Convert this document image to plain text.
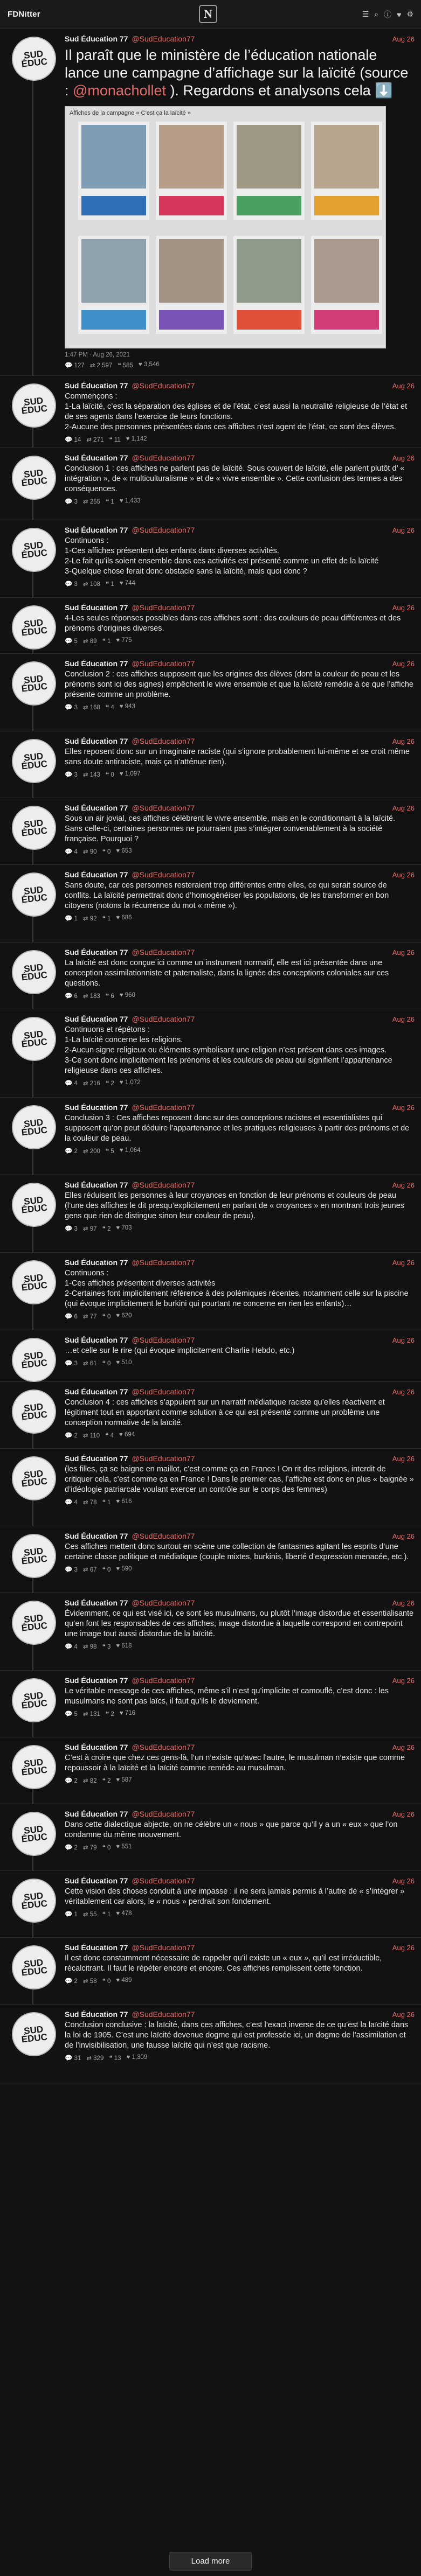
FDNitter	N	☰ ⌕ ⓘ ♥ ⚙
SUD ÉDUC
Sud Éducation 77 @SudEducation77	Aug 26
Il paraît que le ministère de l’éducation nationale lance une campagne d’affichage sur la laïcité (source : @monachollet ). Regardons et analysons cela ⬇️
Affiches de la campagne « C’est ça la laïcité »
1:47 PM · Aug 26, 2021
💬 127 ⇄ 2,597 ❝ 585 ♥ 3,546
SUD ÉDUC
Sud Éducation 77 @SudEducation77	Aug 26
Commençons :
1-La laïcité, c’est la séparation des églises et de l’état, c’est aussi la neutralité religieuse de l’état et de ses agents dans l’exercice de leurs fonctions.
2-Aucune des personnes présentées dans ces affiches n’est agent de l’état, ce sont des élèves.
💬 14 ⇄ 271 ❝ 11 ♥ 1,142
SUD ÉDUC
Sud Éducation 77 @SudEducation77	Aug 26
Conclusion 1 : ces affiches ne parlent pas de laïcité. Sous couvert de laïcité, elle parlent plutôt d’ « intégration », de « multiculturalisme » et de « vivre ensemble ». Cette confusion des termes a des conséquences.
💬 3 ⇄ 255 ❝ 1 ♥ 1,433
SUD ÉDUC
Sud Éducation 77 @SudEducation77	Aug 26
Continuons :
1-Ces affiches présentent des enfants dans diverses activités.
2-Le fait qu’ils soient ensemble dans ces activités est présenté comme un effet de la laïcité
3-Quelque chose ferait donc obstacle sans la laïcité, mais quoi donc ?
💬 3 ⇄ 108 ❝ 1 ♥ 744
SUD ÉDUC
Sud Éducation 77 @SudEducation77	Aug 26
4-Les seules réponses possibles dans ces affiches sont : des couleurs de peau différentes et des prénoms d’origines diverses.
💬 5 ⇄ 89 ❝ 1 ♥ 775
SUD ÉDUC
Sud Éducation 77 @SudEducation77	Aug 26
Conclusion 2 : ces affiches supposent que les origines des élèves (dont la couleur de peau et les prénoms sont ici des signes) empêchent le vivre ensemble et que la laïcité remédie à ce que l’affiche présente comme un problème.
💬 3 ⇄ 168 ❝ 4 ♥ 943
SUD ÉDUC
Sud Éducation 77 @SudEducation77	Aug 26
Elles reposent donc sur un imaginaire raciste (qui s’ignore probablement lui-même et se croit même sans doute antiraciste, mais ça n’atténue rien).
💬 3 ⇄ 143 ❝ 0 ♥ 1,097
SUD ÉDUC
Sud Éducation 77 @SudEducation77	Aug 26
Sous un air jovial, ces affiches célèbrent le vivre ensemble, mais en le conditionnant à la laïcité. Sans celle-ci, certaines personnes ne pourraient pas s’intégrer convenablement à la société française. Pourquoi ?
💬 4 ⇄ 90 ❝ 0 ♥ 653
SUD ÉDUC
Sud Éducation 77 @SudEducation77	Aug 26
Sans doute, car ces personnes resteraient trop différentes entre elles, ce qui serait source de conflits. La laïcité permettrait donc d’homogénéiser les populations, de les transformer en bon citoyens (notons la récurrence du mot « même »).
💬 1 ⇄ 92 ❝ 1 ♥ 686
SUD ÉDUC
Sud Éducation 77 @SudEducation77	Aug 26
La laïcité est donc conçue ici comme un instrument normatif, elle est ici présentée dans une conception assimilationniste et paternaliste, dans la lignée des conceptions coloniales sur ces questions.
💬 6 ⇄ 183 ❝ 6 ♥ 960
SUD ÉDUC
Sud Éducation 77 @SudEducation77	Aug 26
Continuons et répétons :
1-La laïcité concerne les religions.
2-Aucun signe religieux ou éléments symbolisant une religion n’est présent dans ces images.
3-Ce sont donc implicitement les prénoms et les couleurs de peau qui signifient l’appartenance religieuse dans ces affiches.
💬 4 ⇄ 216 ❝ 2 ♥ 1,072
SUD ÉDUC
Sud Éducation 77 @SudEducation77	Aug 26
Conclusion 3 : Ces affiches reposent donc sur des conceptions racistes et essentialistes qui supposent qu’on peut déduire l’appartenance et les pratiques religieuses à partir des prénoms et de la couleur de peau.
💬 2 ⇄ 200 ❝ 5 ♥ 1,064
SUD ÉDUC
Sud Éducation 77 @SudEducation77	Aug 26
Elles réduisent les personnes à leur croyances en fonction de leur prénoms et couleurs de peau (l’une des affiches le dit presqu’explicitement en parlant de « croyances » en montrant trois jeunes gens que rien de distingue sinon leur couleur de peau).
💬 3 ⇄ 97 ❝ 2 ♥ 703
SUD ÉDUC
Sud Éducation 77 @SudEducation77	Aug 26
Continuons :
1-Ces affiches présentent diverses activités
2-Certaines font implicitement référence à des polémiques récentes, notamment celle sur la piscine (qui évoque implicitement le burkini qui pourtant ne concerne en rien les enfants)…
💬 6 ⇄ 77 ❝ 0 ♥ 620
SUD ÉDUC
Sud Éducation 77 @SudEducation77	Aug 26
…et celle sur le rire (qui évoque implicitement Charlie Hebdo, etc.)
💬 3 ⇄ 61 ❝ 0 ♥ 510
SUD ÉDUC
Sud Éducation 77 @SudEducation77	Aug 26
Conclusion 4 : ces affiches s’appuient sur un narratif médiatique raciste qu’elles réactivent et légitiment tout en apportant comme solution à ce qui est présenté comme un problème une conception normative de la laïcité.
💬 2 ⇄ 110 ❝ 4 ♥ 694
SUD ÉDUC
Sud Éducation 77 @SudEducation77	Aug 26
(les filles, ça se baigne en maillot, c’est comme ça en France ! On rit des religions, interdit de critiquer cela, c’est comme ça en France ! Dans le premier cas, l’affiche est donc en plus « baignée » d’idéologie patriarcale voulant exercer un contrôle sur le corps des femmes)
💬 4 ⇄ 78 ❝ 1 ♥ 616
SUD ÉDUC
Sud Éducation 77 @SudEducation77	Aug 26
Ces affiches mettent donc surtout en scène une collection de fantasmes agitant les esprits d’une certaine classe politique et médiatique (couple mixtes, burkinis, liberté d’expression menacée, etc.).
💬 3 ⇄ 67 ❝ 0 ♥ 590
SUD ÉDUC
Sud Éducation 77 @SudEducation77	Aug 26
Évidemment, ce qui est visé ici, ce sont les musulmans, ou plutôt l’image distordue et essentialisante qu’en font les responsables de ces affiches, image distordue à laquelle correspond en contrepoint une image tout aussi distordue de la laïcité.
💬 4 ⇄ 98 ❝ 3 ♥ 618
SUD ÉDUC
Sud Éducation 77 @SudEducation77	Aug 26
Le véritable message de ces affiches, même s’il n’est qu’implicite et camouflé, c’est donc : les musulmans ne sont pas laïcs, il faut qu’ils le deviennent.
💬 5 ⇄ 131 ❝ 2 ♥ 716
SUD ÉDUC
Sud Éducation 77 @SudEducation77	Aug 26
C’est à croire que chez ces gens-là, l’un n’existe qu’avec l’autre, le musulman n’existe que comme repoussoir à la laïcité et la laïcité comme remède au musulman.
💬 2 ⇄ 82 ❝ 2 ♥ 587
SUD ÉDUC
Sud Éducation 77 @SudEducation77	Aug 26
Dans cette dialectique abjecte, on ne célèbre un « nous » que parce qu’il y a un « eux » que l’on condamne du même mouvement.
💬 2 ⇄ 79 ❝ 0 ♥ 551
SUD ÉDUC
Sud Éducation 77 @SudEducation77	Aug 26
Cette vision des choses conduit à une impasse : il ne sera jamais permis à l’autre de « s’intégrer » véritablement car alors, le « nous » perdrait son fondement.
💬 1 ⇄ 55 ❝ 1 ♥ 478
SUD ÉDUC
Sud Éducation 77 @SudEducation77	Aug 26
Il est donc constamment nécessaire de rappeler qu’il existe un « eux », qu’il est irréductible, récalcitrant. Il faut le répéter encore et encore. Ces affiches remplissent cette fonction.
💬 2 ⇄ 58 ❝ 0 ♥ 489
SUD ÉDUC
Sud Éducation 77 @SudEducation77	Aug 26
Conclusion conclusive : la laïcité, dans ces affiches, c’est l’exact inverse de ce qu’est la laïcité dans la loi de 1905. C’est une laïcité devenue dogme qui est professée ici, un dogme de l’assimilation et de l’invisibilisation, une fausse laïcité qui n’est que racisme.
💬 31 ⇄ 329 ❝ 13 ♥ 1,309
Load more
